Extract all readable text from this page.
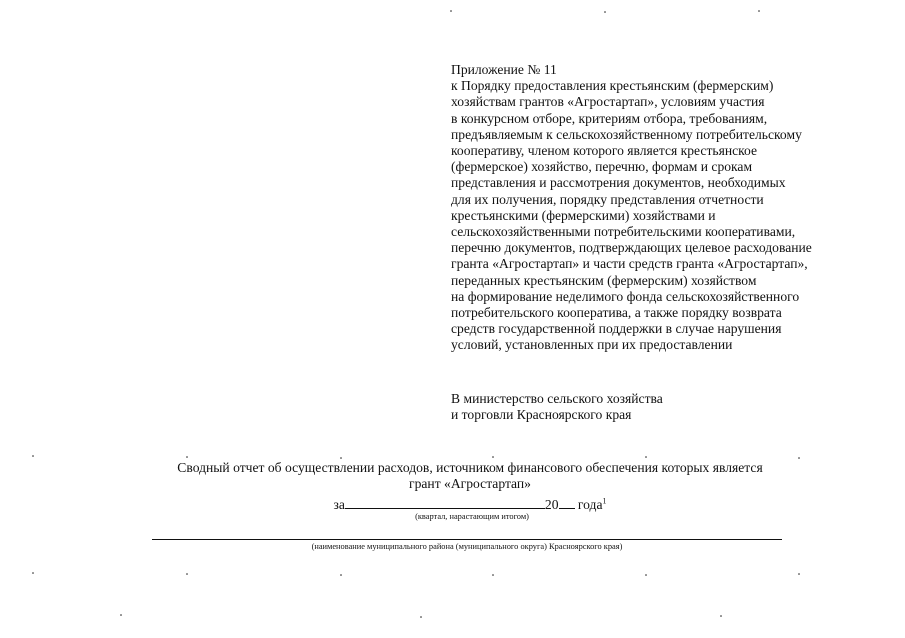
Приложение № 11
к Порядку предоставления крестьянским (фермерским)
хозяйствам грантов «Агростартап», условиям участия
в конкурсном отборе, критериям отбора, требованиям,
предъявляемым к сельскохозяйственному потребительскому
кооперативу, членом которого является крестьянское
(фермерское) хозяйство, перечню, формам и срокам
представления и рассмотрения документов, необходимых
для их получения, порядку представления отчетности
крестьянскими (фермерскими) хозяйствами и
сельскохозяйственными потребительскими кооперативами,
перечню документов, подтверждающих целевое расходование
гранта «Агростартап» и части средств гранта «Агростартап»,
переданных крестьянским (фермерским) хозяйством
на формирование неделимого фонда сельскохозяйственного
потребительского кооператива, а также порядку возврата
средств государственной поддержки в случае нарушения
условий, установленных при их предоставлении
В министерство сельского хозяйства
и торговли Красноярского края
Сводный отчет об осуществлении расходов, источником финансового обеспечения которых является
грант «Агростартап»
за	20 года$^1$
(квартал, нарастающим итогом)
(наименование муниципального района (муниципального округа) Красноярского края)
